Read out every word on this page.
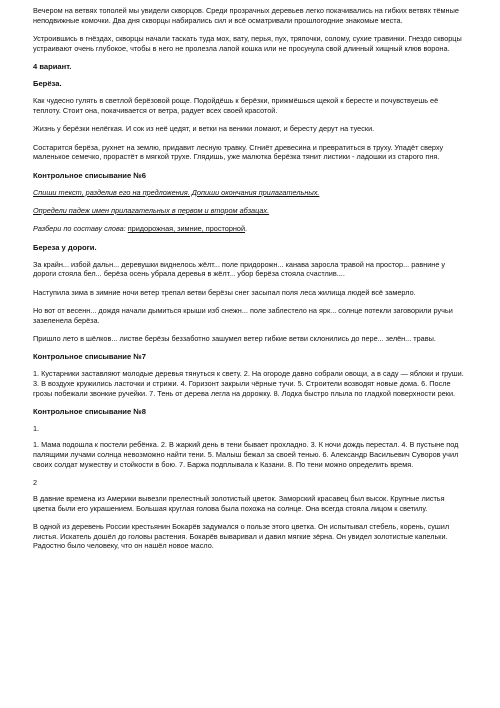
Вечером на ветвях тополей мы увидели скворцов. Среди прозрачных деревьев легко покачивались на гибких ветвях тёмные неподвижные комочки. Два дня скворцы набирались сил и всё осматривали прошлогодние знакомые места.

Устроившись в гнёздах, скворцы начали таскать туда мох, вату, перья, пух, тряпочки, солому, сухие травинки. Гнездо скворцы устраивают очень глубокое, чтобы в него не пролезла лапой кошка или не просунула свой длинный хищный клюв ворона.

4 вариант.

Берёза.

Как чудесно гулять в светлой берёзовой роще. Подойдёшь к берёзки, прижмёшься щекой к бересте и почувствуешь её теплоту. Стоит она, покачивается от ветра, радует всех своей красотой.

Жизнь у берёзки нелёгкая. И сок из неё цедят, и ветки на веники ломают, и бересту дерут на туески.

Состарится берёза, рухнет на землю, придавит лесную травку. Сгниёт древесина и превратиться в труху. Упадёт сверху маленькое семечко, прорастёт в мягкой трухе. Глядишь, уже малютка берёзка тянит листики - ладошки из старого пня.

Контрольное списывание №6

Спиши текст, разделив его на предложения. Допиши окончания прилагательных.

Определи падеж имен прилагательных в первом и втором абзацах.

Разбери по составу слова: придорожная, зимние, просторной.

Береза у дороги.

За крайн... избой дальн... деревушки виднелось жёлт... поле придорожн... канава заросла травой на простор... равнине у дороги стояла бел... берёза осень убрала деревья в жёлт... убор берёза стояла счастлив....

Наступила зима в зимние ночи ветер трепал ветви берёзы снег засыпал поля леса жилища людей всё замерло.

Но вот от весенн... дождя начали дымиться крыши изб снежн... поле заблестело на ярк... солнце потекли заговорили ручьи зазеленела берёза.

Пришло лето в шёлков... листве берёзы беззаботно зашумел ветер гибкие ветви склонились до пере... зелён... травы.

Контрольное списывание №7

1. Кустарники заставляют молодые деревья тянуться к свету. 2. На огороде давно собрали овощи, а в саду — яблоки и груши. 3. В воздухе кружились ласточки и стрижи. 4. Горизонт закрыли чёрные тучи. 5. Строители возводят новые дома. 6. После грозы побежали звонкие ручейки. 7. Тень от дерева легла на дорожку. 8. Лодка быстро плыла по гладкой поверхности реки.

Контрольное списывание №8

1.

1. Мама подошла к постели ребёнка. 2. В жаркий день в тени бывает прохладно. 3. К ночи дождь перестал. 4. В пустыне под палящими лучами солнца невозможно найти тени. 5. Малыш бежал за своей тенью. 6. Александр Васильевич Суворов учил своих солдат мужеству и стойкости в бою. 7. Баржа подплывала к Казани. 8. По тени можно определить время.

2

В давние времена из Америки вывезли прелестный золотистый цветок. Заморский красавец был высок. Крупные листья цветка были его украшением. Большая круглая голова была похожа на солнце. Она всегда стояла лицом к светилу.

В одной из деревень России крестьянин Бокарёв задумался о пользе этого цветка. Он испытывал стебель, корень, сушил листья. Искатель дошёл до головы растения. Бокарёв вываривал и давил мягкие зёрна. Он увидел золотистые капельки. Радостно было человеку, что он нашёл новое масло.
